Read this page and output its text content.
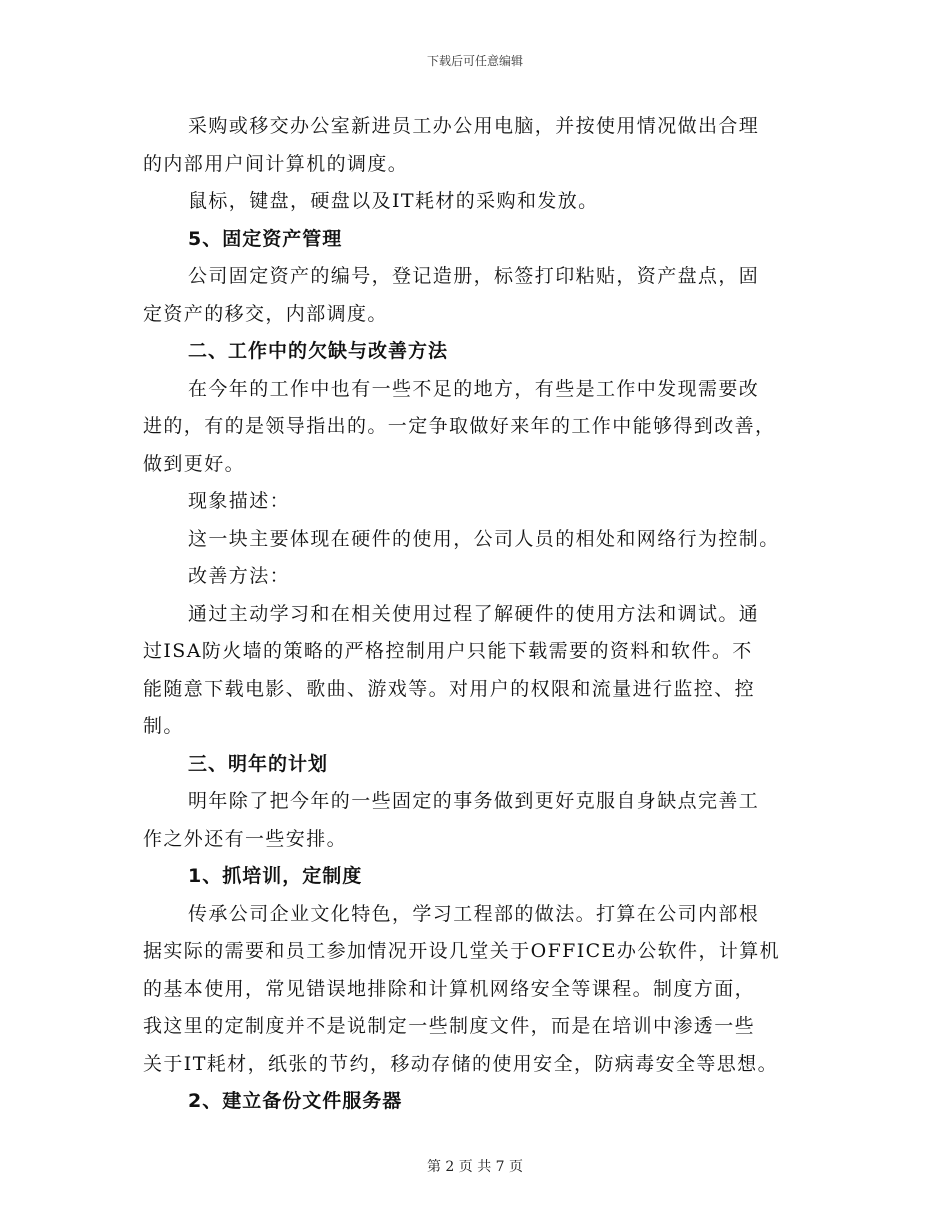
下载后可任意编辑
采购或移交办公室新进员工办公用电脑，并按使用情况做出合理
的内部用户间计算机的调度。
鼠标，键盘，硬盘以及IT耗材的采购和发放。
5、固定资产管理
公司固定资产的编号，登记造册，标签打印粘贴，资产盘点，固
定资产的移交，内部调度。
二、工作中的欠缺与改善方法
在今年的工作中也有一些不足的地方，有些是工作中发现需要改
进的，有的是领导指出的。一定争取做好来年的工作中能够得到改善，
做到更好。
现象描述：
这一块主要体现在硬件的使用，公司人员的相处和网络行为控制。
改善方法：
通过主动学习和在相关使用过程了解硬件的使用方法和调试。通
过ISA防火墙的策略的严格控制用户只能下载需要的资料和软件。不
能随意下载电影、歌曲、游戏等。对用户的权限和流量进行监控、控
制。
三、明年的计划
明年除了把今年的一些固定的事务做到更好克服自身缺点完善工
作之外还有一些安排。
1、抓培训，定制度
传承公司企业文化特色，学习工程部的做法。打算在公司内部根
据实际的需要和员工参加情况开设几堂关于OFFICE办公软件，计算机
的基本使用，常见错误地排除和计算机网络安全等课程。制度方面，
我这里的定制度并不是说制定一些制度文件，而是在培训中渗透一些
关于IT耗材，纸张的节约，移动存储的使用安全，防病毒安全等思想。
2、建立备份文件服务器
第 2 页 共 7 页
